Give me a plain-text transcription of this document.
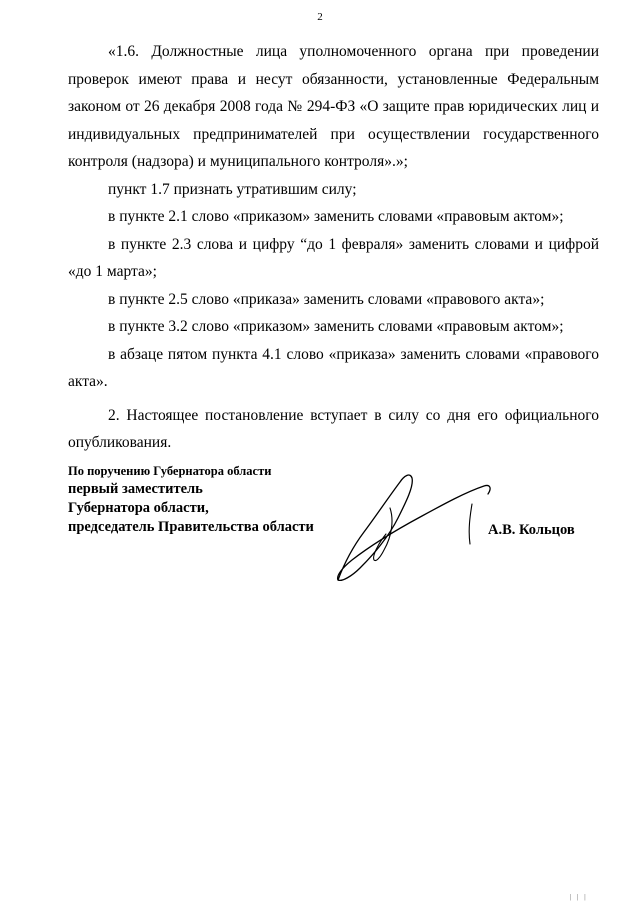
2

«1.6. Должностные лица уполномоченного органа при проведении проверок имеют права и несут обязанности, установленные Федеральным законом от 26 декабря 2008 года № 294-ФЗ «О защите прав юридических лиц и индивидуальных предпринимателей при осуществлении государственного контроля (надзора) и муниципального контроля».»;

пункт 1.7 признать утратившим силу;

в пункте 2.1 слово «приказом» заменить словами «правовым актом»;

в пункте 2.3 слова и цифру “до 1 февраля» заменить словами и цифрой «до 1 марта»;

в пункте 2.5 слово «приказа» заменить словами «правового акта»;

в пункте 3.2 слово «приказом» заменить словами «правовым актом»;

в абзаце пятом пункта 4.1 слово «приказа» заменить словами «правового акта».

2. Настоящее постановление вступает в силу со дня его официального опубликования.

По поручению Губернатора области
первый заместитель
Губернатора области,
председатель Правительства области	А.В. Кольцов
| | |
